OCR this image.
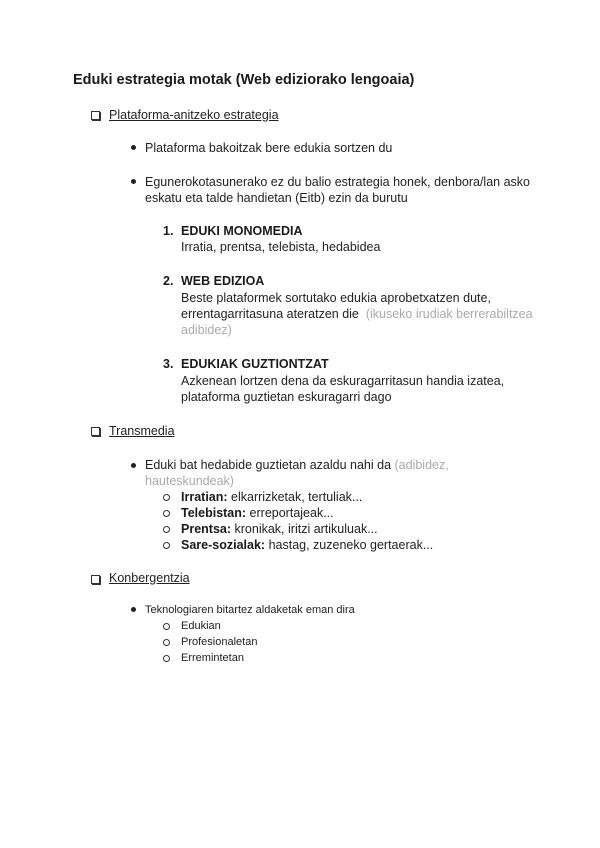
Eduki estrategia motak (Web ediziorako lengoaia)
Plataforma-anitzeko estrategia
Plataforma bakoitzak bere edukia sortzen du
Egunerokotasunerako ez du balio estrategia honek, denbora/lan asko
eskatu eta talde handietan (Eitb) ezin da burutu
1. EDUKI MONOMEDIA
Irratia, prentsa, telebista, hedabidea
2. WEB EDIZIOA
Beste plataformek sortutako edukia aprobetxatzen dute,
errentagarritasuna ateratzen die (ikuseko irudiak berrerabiltzea
adibidez)
3. EDUKIAK GUZTIONTZAT
Azkenean lortzen dena da eskuragarritasun handia izatea,
plataforma guztietan eskuragarri dago
Transmedia
Eduki bat hedabide guztietan azaldu nahi da (adibidez,
hauteskundeak)
Irratian: elkarrizketak, tertuliak...
Telebistan: erreportajeak...
Prentsa: kronikak, iritzi artikuluak...
Sare-sozialak: hastag, zuzeneko gertaerak...
Konbergentzia
Teknologiaren bitartez aldaketak eman dira
Edukian
Profesionaletan
Erremintetan
